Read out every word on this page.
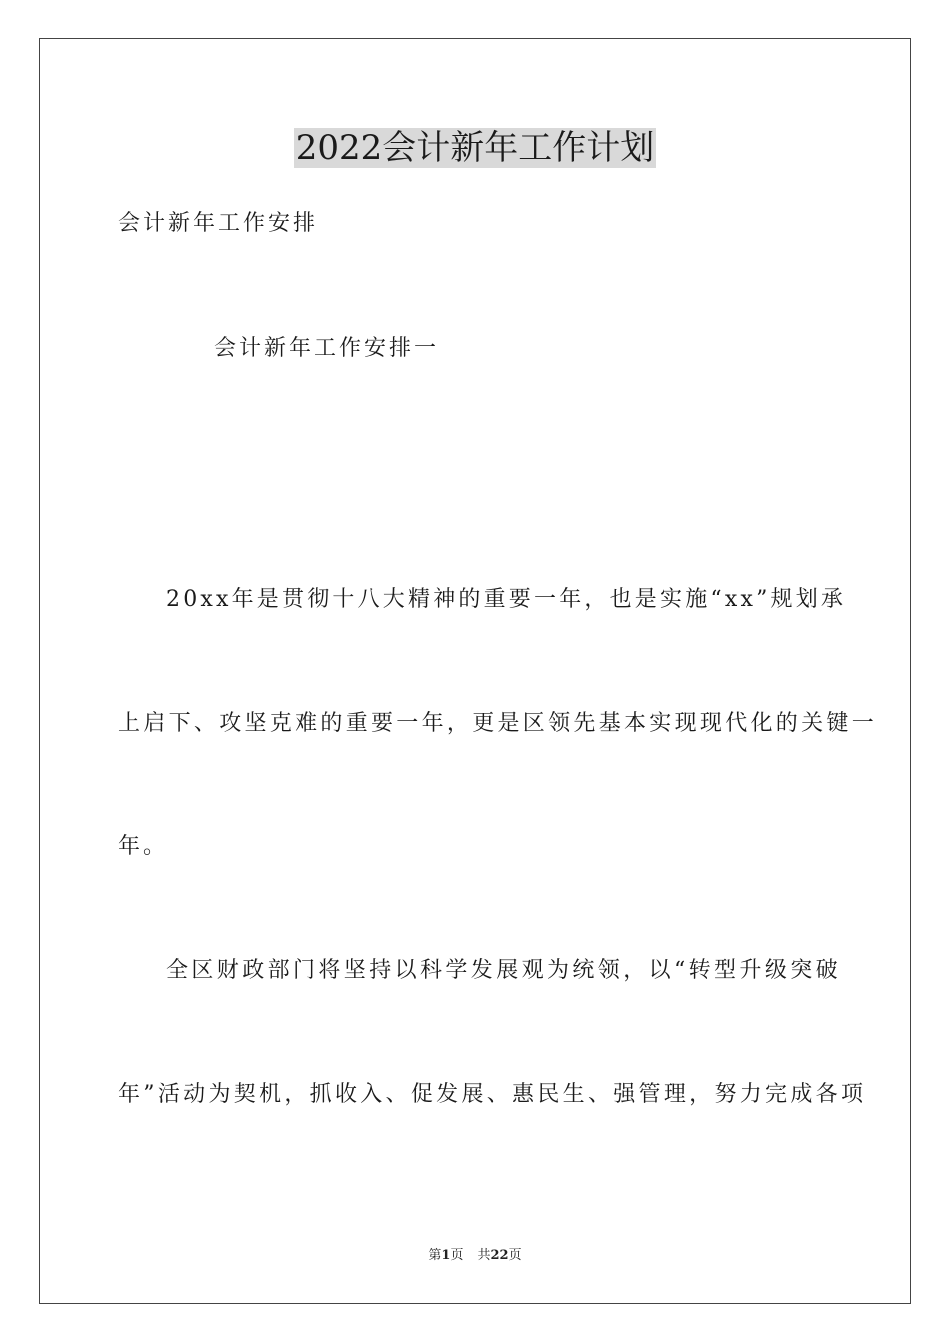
2022会计新年工作计划
会计新年工作安排
会计新年工作安排一
20xx年是贯彻十八大精神的重要一年，也是实施“xx”规划承
上启下、攻坚克难的重要一年，更是区领先基本实现现代化的关键一
年。
全区财政部门将坚持以科学发展观为统领，以“转型升级突破
年”活动为契机，抓收入、促发展、惠民生、强管理，努力完成各项
第1页 共22页
